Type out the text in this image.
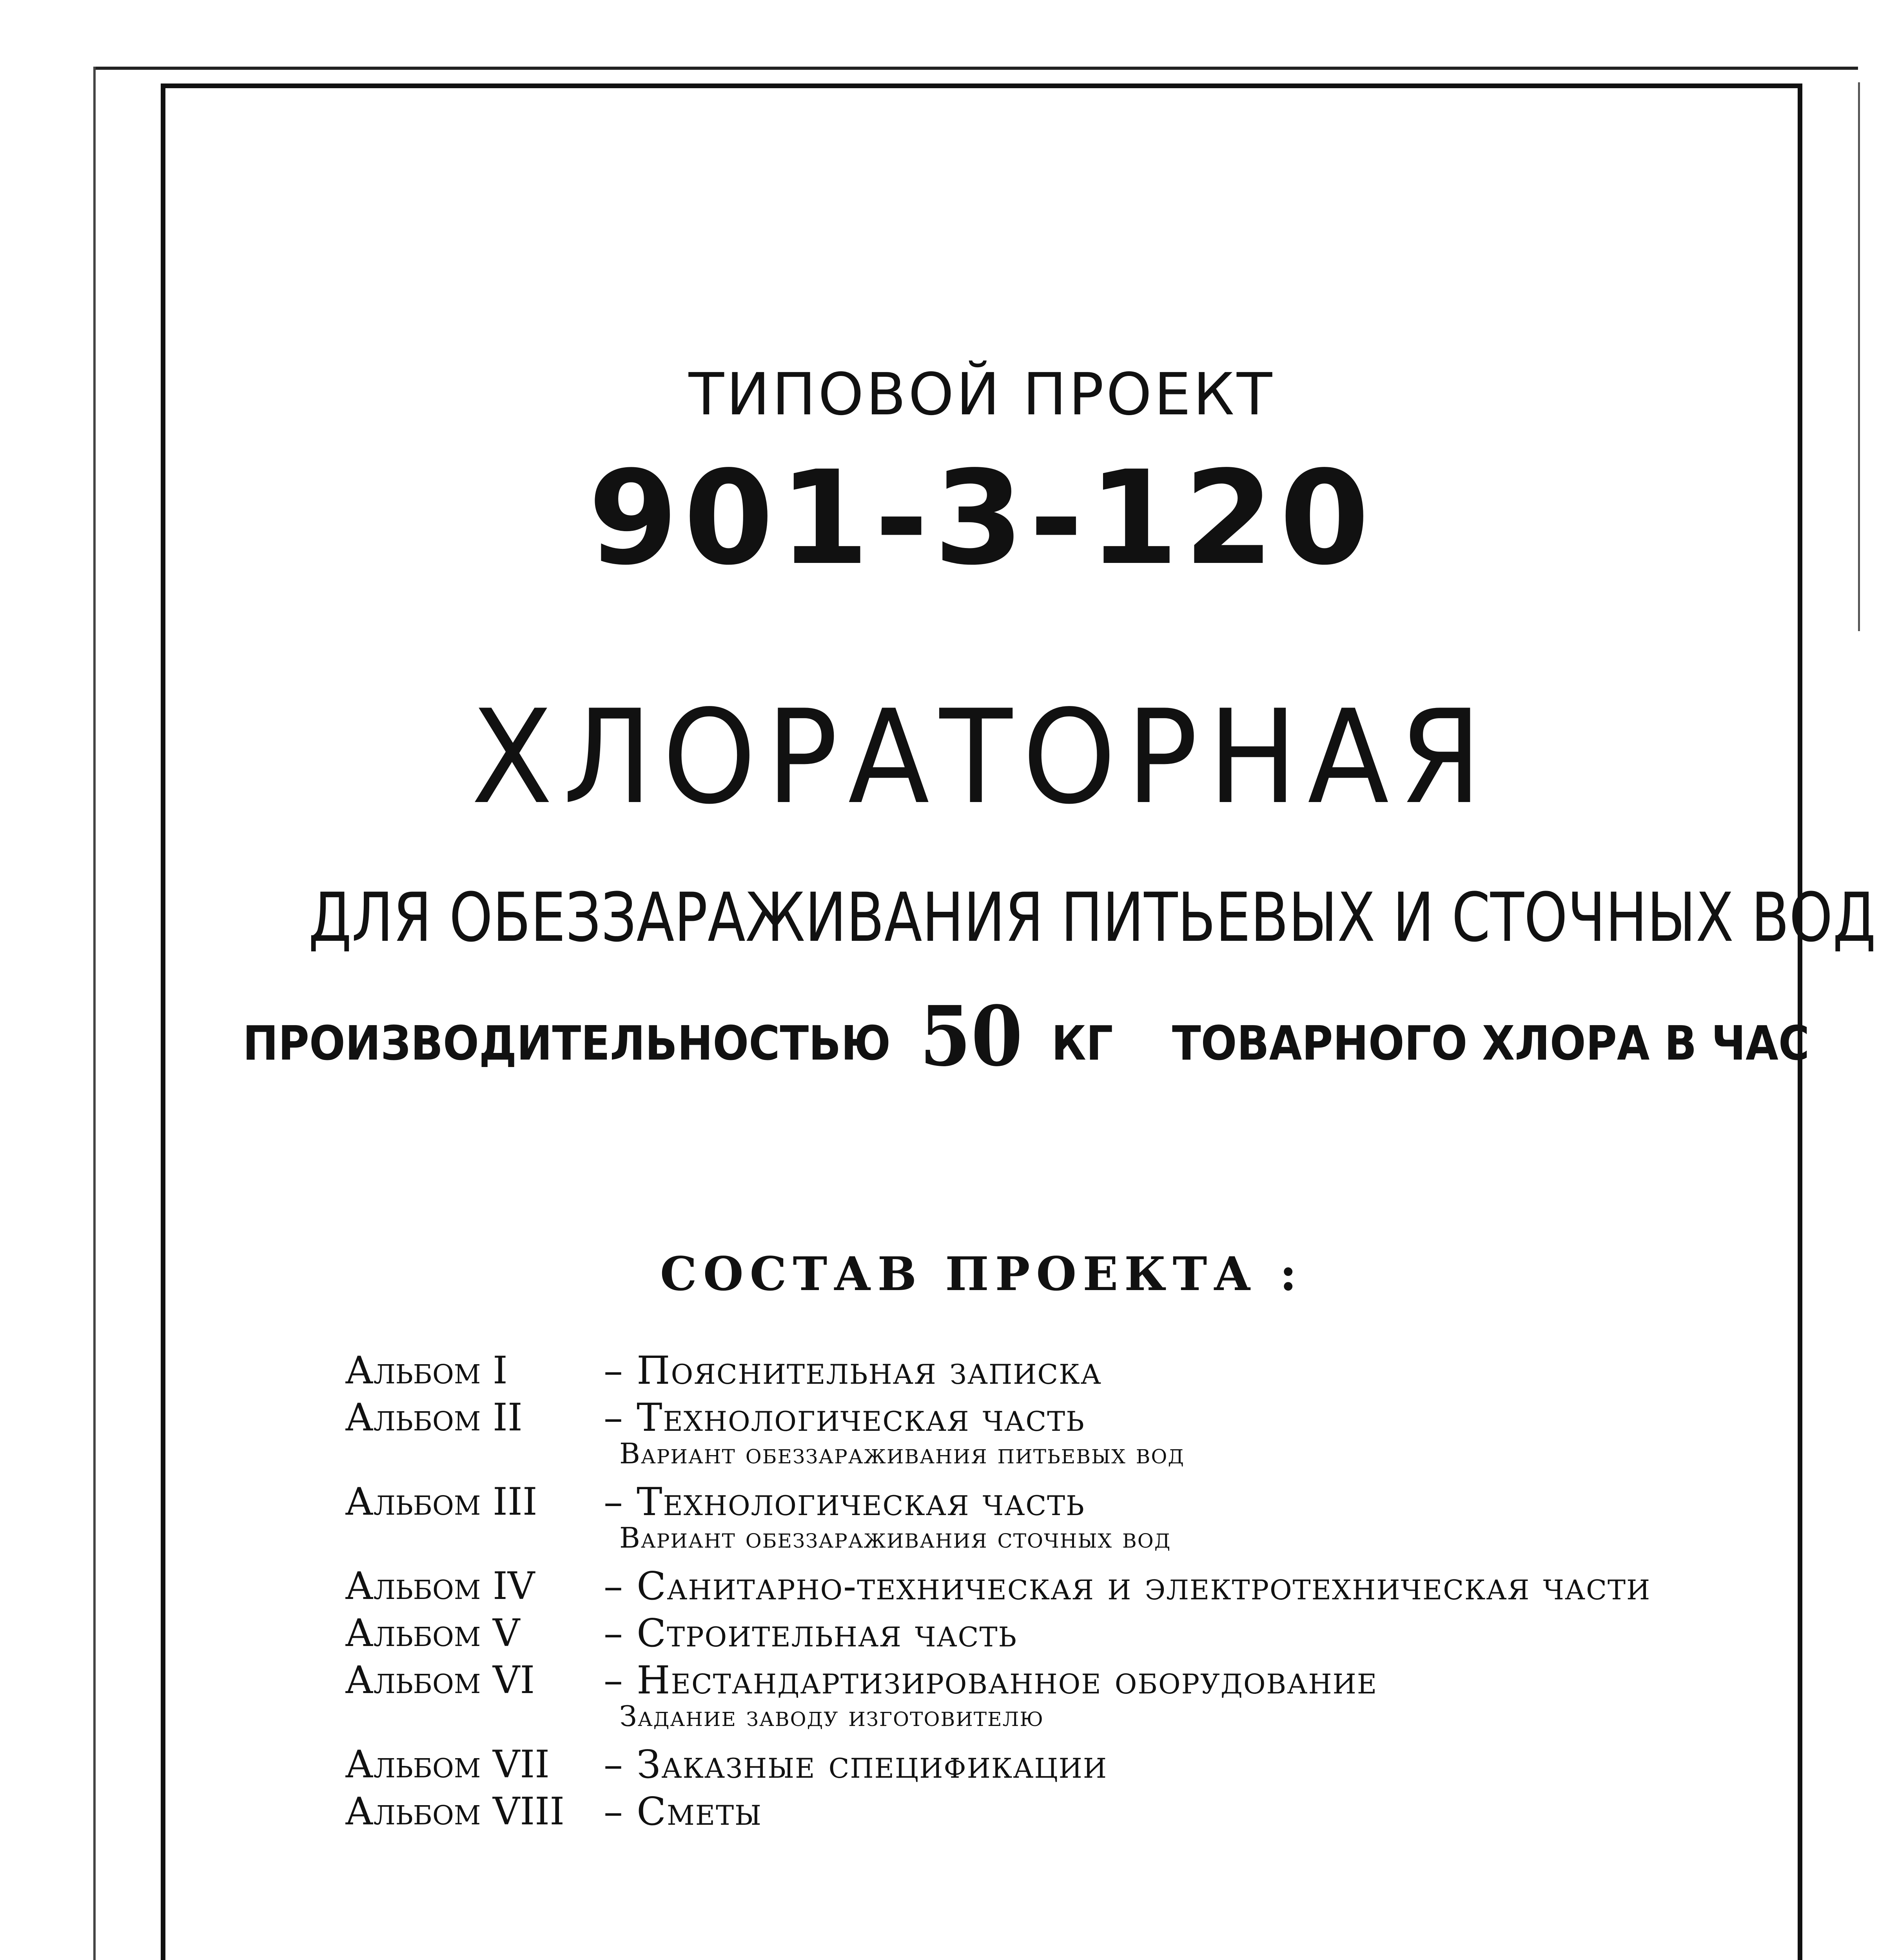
ТИПОВОЙ ПРОЕКТ
901-3-120
ХЛОРАТОРНАЯ
ДЛЯ ОБЕЗЗАРАЖИВАНИЯ ПИТЬЕВЫХ И СТОЧНЫХ ВОД
ПРОИЗВОДИТЕЛЬНОСТЬЮ 50 КГ ТОВАРНОГО ХЛОРА В ЧАС
СОСТАВ ПРОЕКТА :
Альбом I	– Пояснительная записка
Альбом II – Технологическая часть
Вариант обеззараживания питьевых вод
Альбом III – Технологическая часть
Вариант обеззараживания сточных вод
Альбом IV – Санитарно-техническая и электротехническая части
Альбом V – Строительная часть
Альбом VI – Нестандартизированное оборудование
Задание заводу изготовителю
Альбом VII – Заказные спецификации
Альбом VIII – Сметы
